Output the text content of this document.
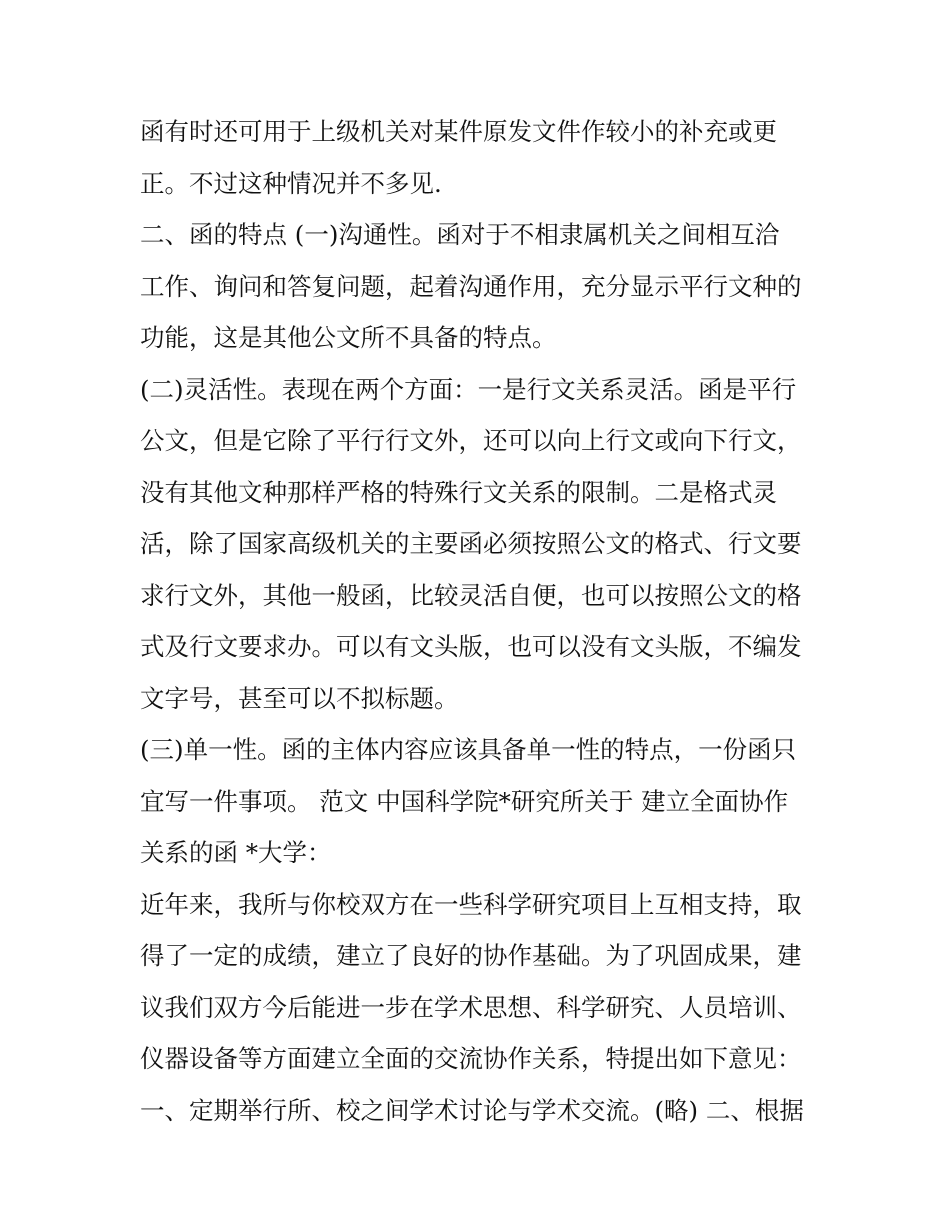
函有时还可用于上级机关对某件原发文件作较小的补充或更
正。不过这种情况并不多见.
二、函的特点 (一)沟通性。函对于不相隶属机关之间相互洽
工作、询问和答复问题，起着沟通作用，充分显示平行文种的
功能，这是其他公文所不具备的特点。
(二)灵活性。表现在两个方面：一是行文关系灵活。函是平行
公文，但是它除了平行行文外，还可以向上行文或向下行文，
没有其他文种那样严格的特殊行文关系的限制。二是格式灵
活，除了国家高级机关的主要函必须按照公文的格式、行文要
求行文外，其他一般函，比较灵活自便，也可以按照公文的格
式及行文要求办。可以有文头版，也可以没有文头版，不编发
文字号，甚至可以不拟标题。
(三)单一性。函的主体内容应该具备单一性的特点，一份函只
宜写一件事项。 范文 中国科学院*研究所关于 建立全面协作
关系的函 *大学：
近年来，我所与你校双方在一些科学研究项目上互相支持，取
得了一定的成绩，建立了良好的协作基础。为了巩固成果，建
议我们双方今后能进一步在学术思想、科学研究、人员培训、
仪器设备等方面建立全面的交流协作关系，特提出如下意见：
一、定期举行所、校之间学术讨论与学术交流。(略) 二、根据
